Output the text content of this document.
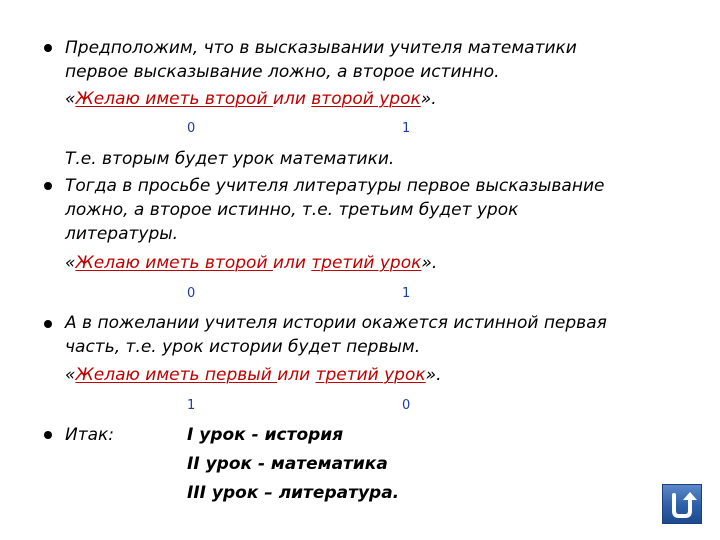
Предположим, что в высказывании учителя математики
первое высказывание ложно, а второе истинно.
«Желаю иметь второй или второй урок».
0	1
Т.е. вторым будет урок математики.
Тогда в просьбе учителя литературы первое высказывание
ложно, а второе истинно, т.е. третьим будет урок
литературы.
«Желаю иметь второй или третий урок».
0	1
А в пожелании учителя истории окажется истинной первая
часть, т.е. урок истории будет первым.
«Желаю иметь первый или третий урок».
1	0
Итак:	I урок - история
II урок - математика
III урок – литература.
